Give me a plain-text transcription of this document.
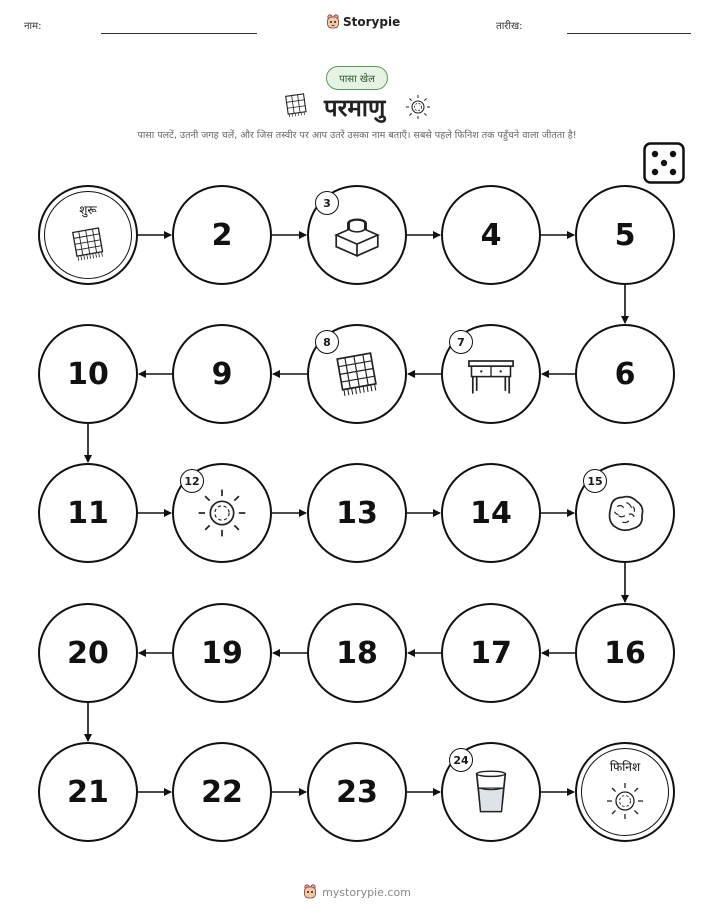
नाम:	Storypie	तारीख:
पासा खेल
परमाणु
पासा पलटें, उतनी जगह चलें, और जिस तस्वीर पर आप उतरें उसका नाम बताएँ। सबसे पहले फिनिश तक पहुँचने वाला जीतता है!
शुरू
2
3
4	5
6
7
8
9
10
11
12
13	14
15
16
17
18
19
20
21	22	23
24	फिनिश
mystorypie.com
